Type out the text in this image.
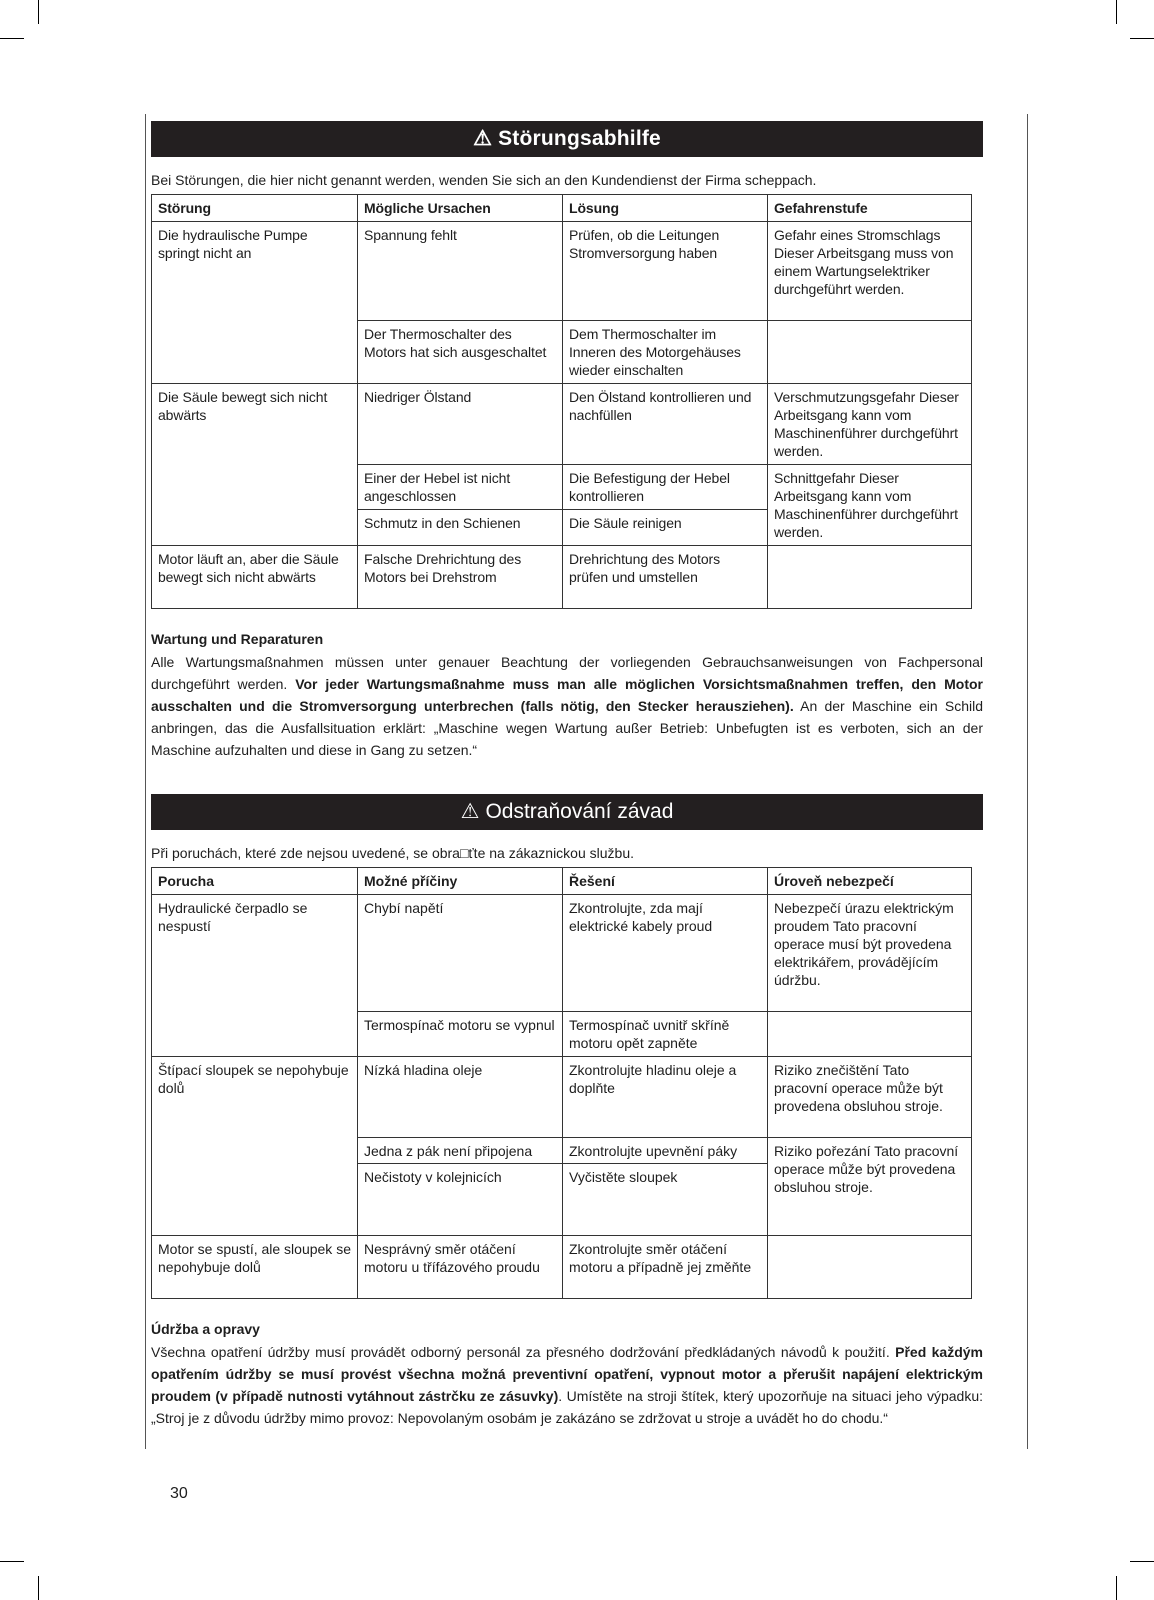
⚠ Störungsabhilfe
Bei Störungen, die hier nicht genannt werden, wenden Sie sich an den Kundendienst der Firma scheppach.
Störung	Mögliche Ursachen	Lösung	Gefahrenstufe
Die hydraulische Pumpe springt nicht an	Spannung fehlt	Prüfen, ob die Leitungen Stromversorgung haben	Gefahr eines Stromschlags Dieser Arbeitsgang muss von einem Wartungselektriker durchgeführt werden.
	Der Thermoschalter des Motors hat sich ausgeschaltet	Dem Thermoschalter im Inneren des Motorgehäuses wieder einschalten	
Die Säule bewegt sich nicht abwärts	Niedriger Ölstand	Den Ölstand kontrollieren und nachfüllen	Verschmutzungsgefahr Dieser Arbeitsgang kann vom Maschinenführer durchgeführt werden.
	Einer der Hebel ist nicht angeschlossen	Die Befestigung der Hebel kontrollieren	Schnittgefahr Dieser Arbeitsgang kann vom Maschinenführer durchgeführt werden.
	Schmutz in den Schienen	Die Säule reinigen	
Motor läuft an, aber die Säule bewegt sich nicht abwärts	Falsche Drehrichtung des Motors bei Drehstrom	Drehrichtung des Motors prüfen und umstellen	
Wartung und Reparaturen
Alle Wartungsmaßnahmen müssen unter genauer Beachtung der vorliegenden Gebrauchsanweisungen von Fachpersonal durchgeführt werden. Vor jeder Wartungsmaßnahme muss man alle möglichen Vorsichtsmaßnahmen treffen, den Motor ausschalten und die Stromversorgung unterbrechen (falls nötig, den Stecker herausziehen). An der Maschine ein Schild anbringen, das die Ausfallsituation erklärt: „Maschine wegen Wartung außer Betrieb: Unbefugten ist es verboten, sich an der Maschine aufzuhalten und diese in Gang zu setzen.“
⚠ Odstraňování závad
Při poruchách, které zde nejsou uvedené, se obra□ťte na zákaznickou službu.
Porucha	Možné příčiny	Řešení	Úroveň nebezpečí
Hydraulické čerpadlo se nespustí	Chybí napětí	Zkontrolujte, zda mají elektrické kabely proud	Nebezpečí úrazu elektrickým proudem Tato pracovní operace musí být provedena elektrikářem, provádějícím údržbu.
	Termospínač motoru se vypnul	Termospínač uvnitř skříně motoru opět zapněte	
Štípací sloupek se nepohybuje dolů	Nízká hladina oleje	Zkontrolujte hladinu oleje a doplňte	Riziko znečištění Tato pracovní operace může být provedena obsluhou stroje.
	Jedna z pák není připojena	Zkontrolujte upevnění páky	Riziko pořezání Tato pracovní operace může být provedena obsluhou stroje.
	Nečistoty v kolejnicích	Vyčistěte sloupek	
Motor se spustí, ale sloupek se nepohybuje dolů	Nesprávný směr otáčení motoru u třífázového proudu	Zkontrolujte směr otáčení motoru a případně jej změňte	
Údržba a opravy
Všechna opatření údržby musí provádět odborný personál za přesného dodržování předkládaných návodů k použití. Před každým opatřením údržby se musí provést všechna možná preventivní opatření, vypnout motor a přerušit napájení elektrickým proudem (v případě nutnosti vytáhnout zástrčku ze zásuvky). Umístěte na stroji štítek, který upozorňuje na situaci jeho výpadku: „Stroj je z důvodu údržby mimo provoz: Nepovolaným osobám je zakázáno se zdržovat u stroje a uvádět ho do chodu.“
30
